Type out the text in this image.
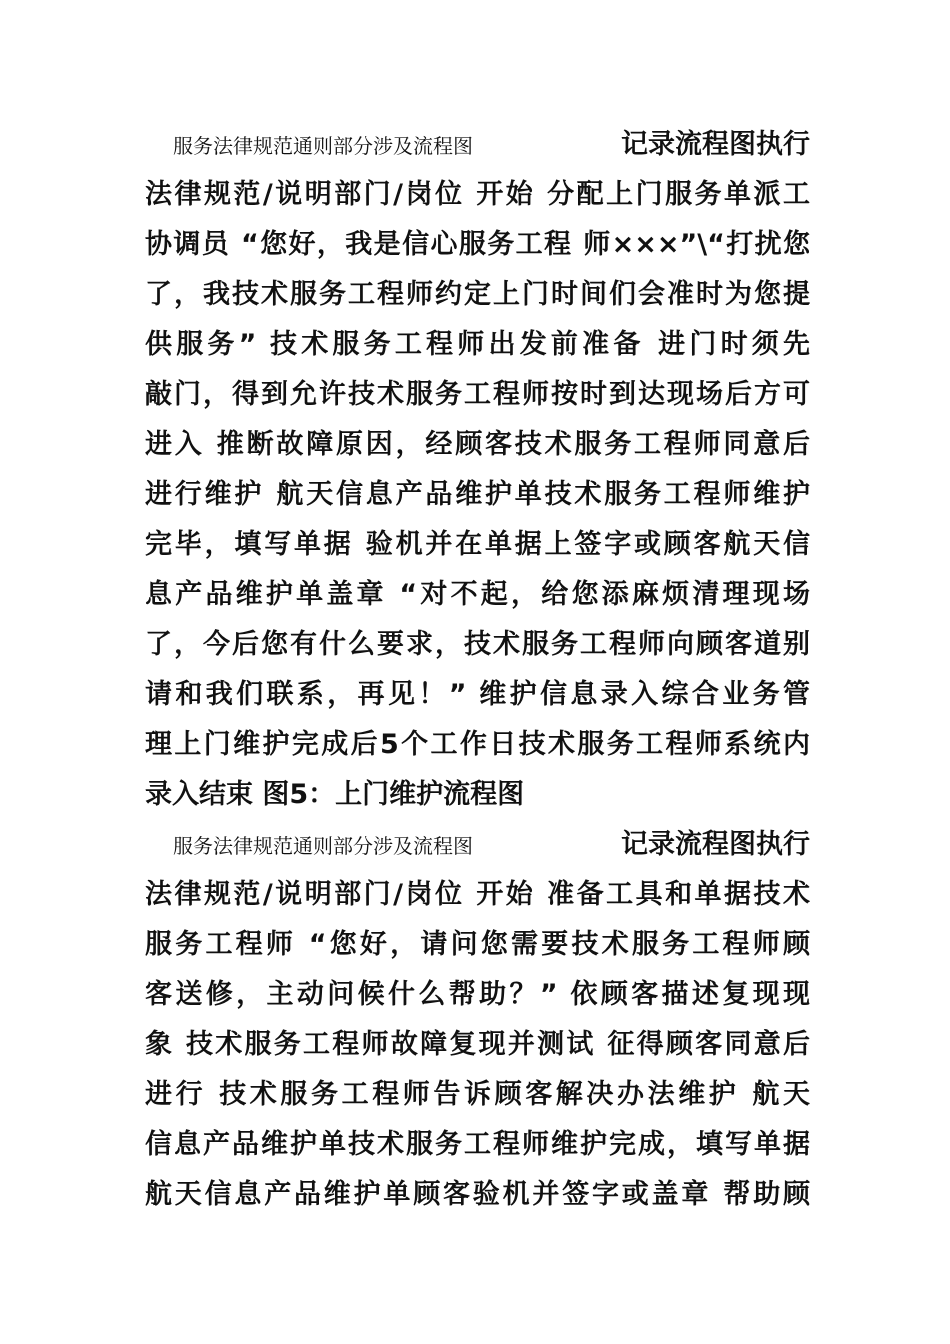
服务法律规范通则部分涉及流程图	记录流程图执行
法律规范/说明部门/岗位 开始 分配上门服务单派工
协调员 “您好，我是信心服务工程 师×××”\“打扰您
了，我技术服务工程师约定上门时间们会准时为您提
供服务” 技术服务工程师出发前准备 进门时须先
敲门，得到允许技术服务工程师按时到达现场后方可
进入 推断故障原因，经顾客技术服务工程师同意后
进行维护 航天信息产品维护单技术服务工程师维护
完毕，填写单据 验机并在单据上签字或顾客航天信
息产品维护单盖章 “对不起，给您添麻烦清理现场
了，今后您有什么要求，技术服务工程师向顾客道别
请和我们联系，再见！” 维护信息录入综合业务管
理上门维护完成后5个工作日技术服务工程师系统内
录入结束 图5：上门维护流程图
服务法律规范通则部分涉及流程图	记录流程图执行
法律规范/说明部门/岗位 开始 准备工具和单据技术
服务工程师 “您好，请问您需要技术服务工程师顾
客送修，主动问候什么帮助？” 依顾客描述复现现
象 技术服务工程师故障复现并测试 征得顾客同意后
进行 技术服务工程师告诉顾客解决办法维护 航天
信息产品维护单技术服务工程师维护完成，填写单据
航天信息产品维护单顾客验机并签字或盖章 帮助顾
